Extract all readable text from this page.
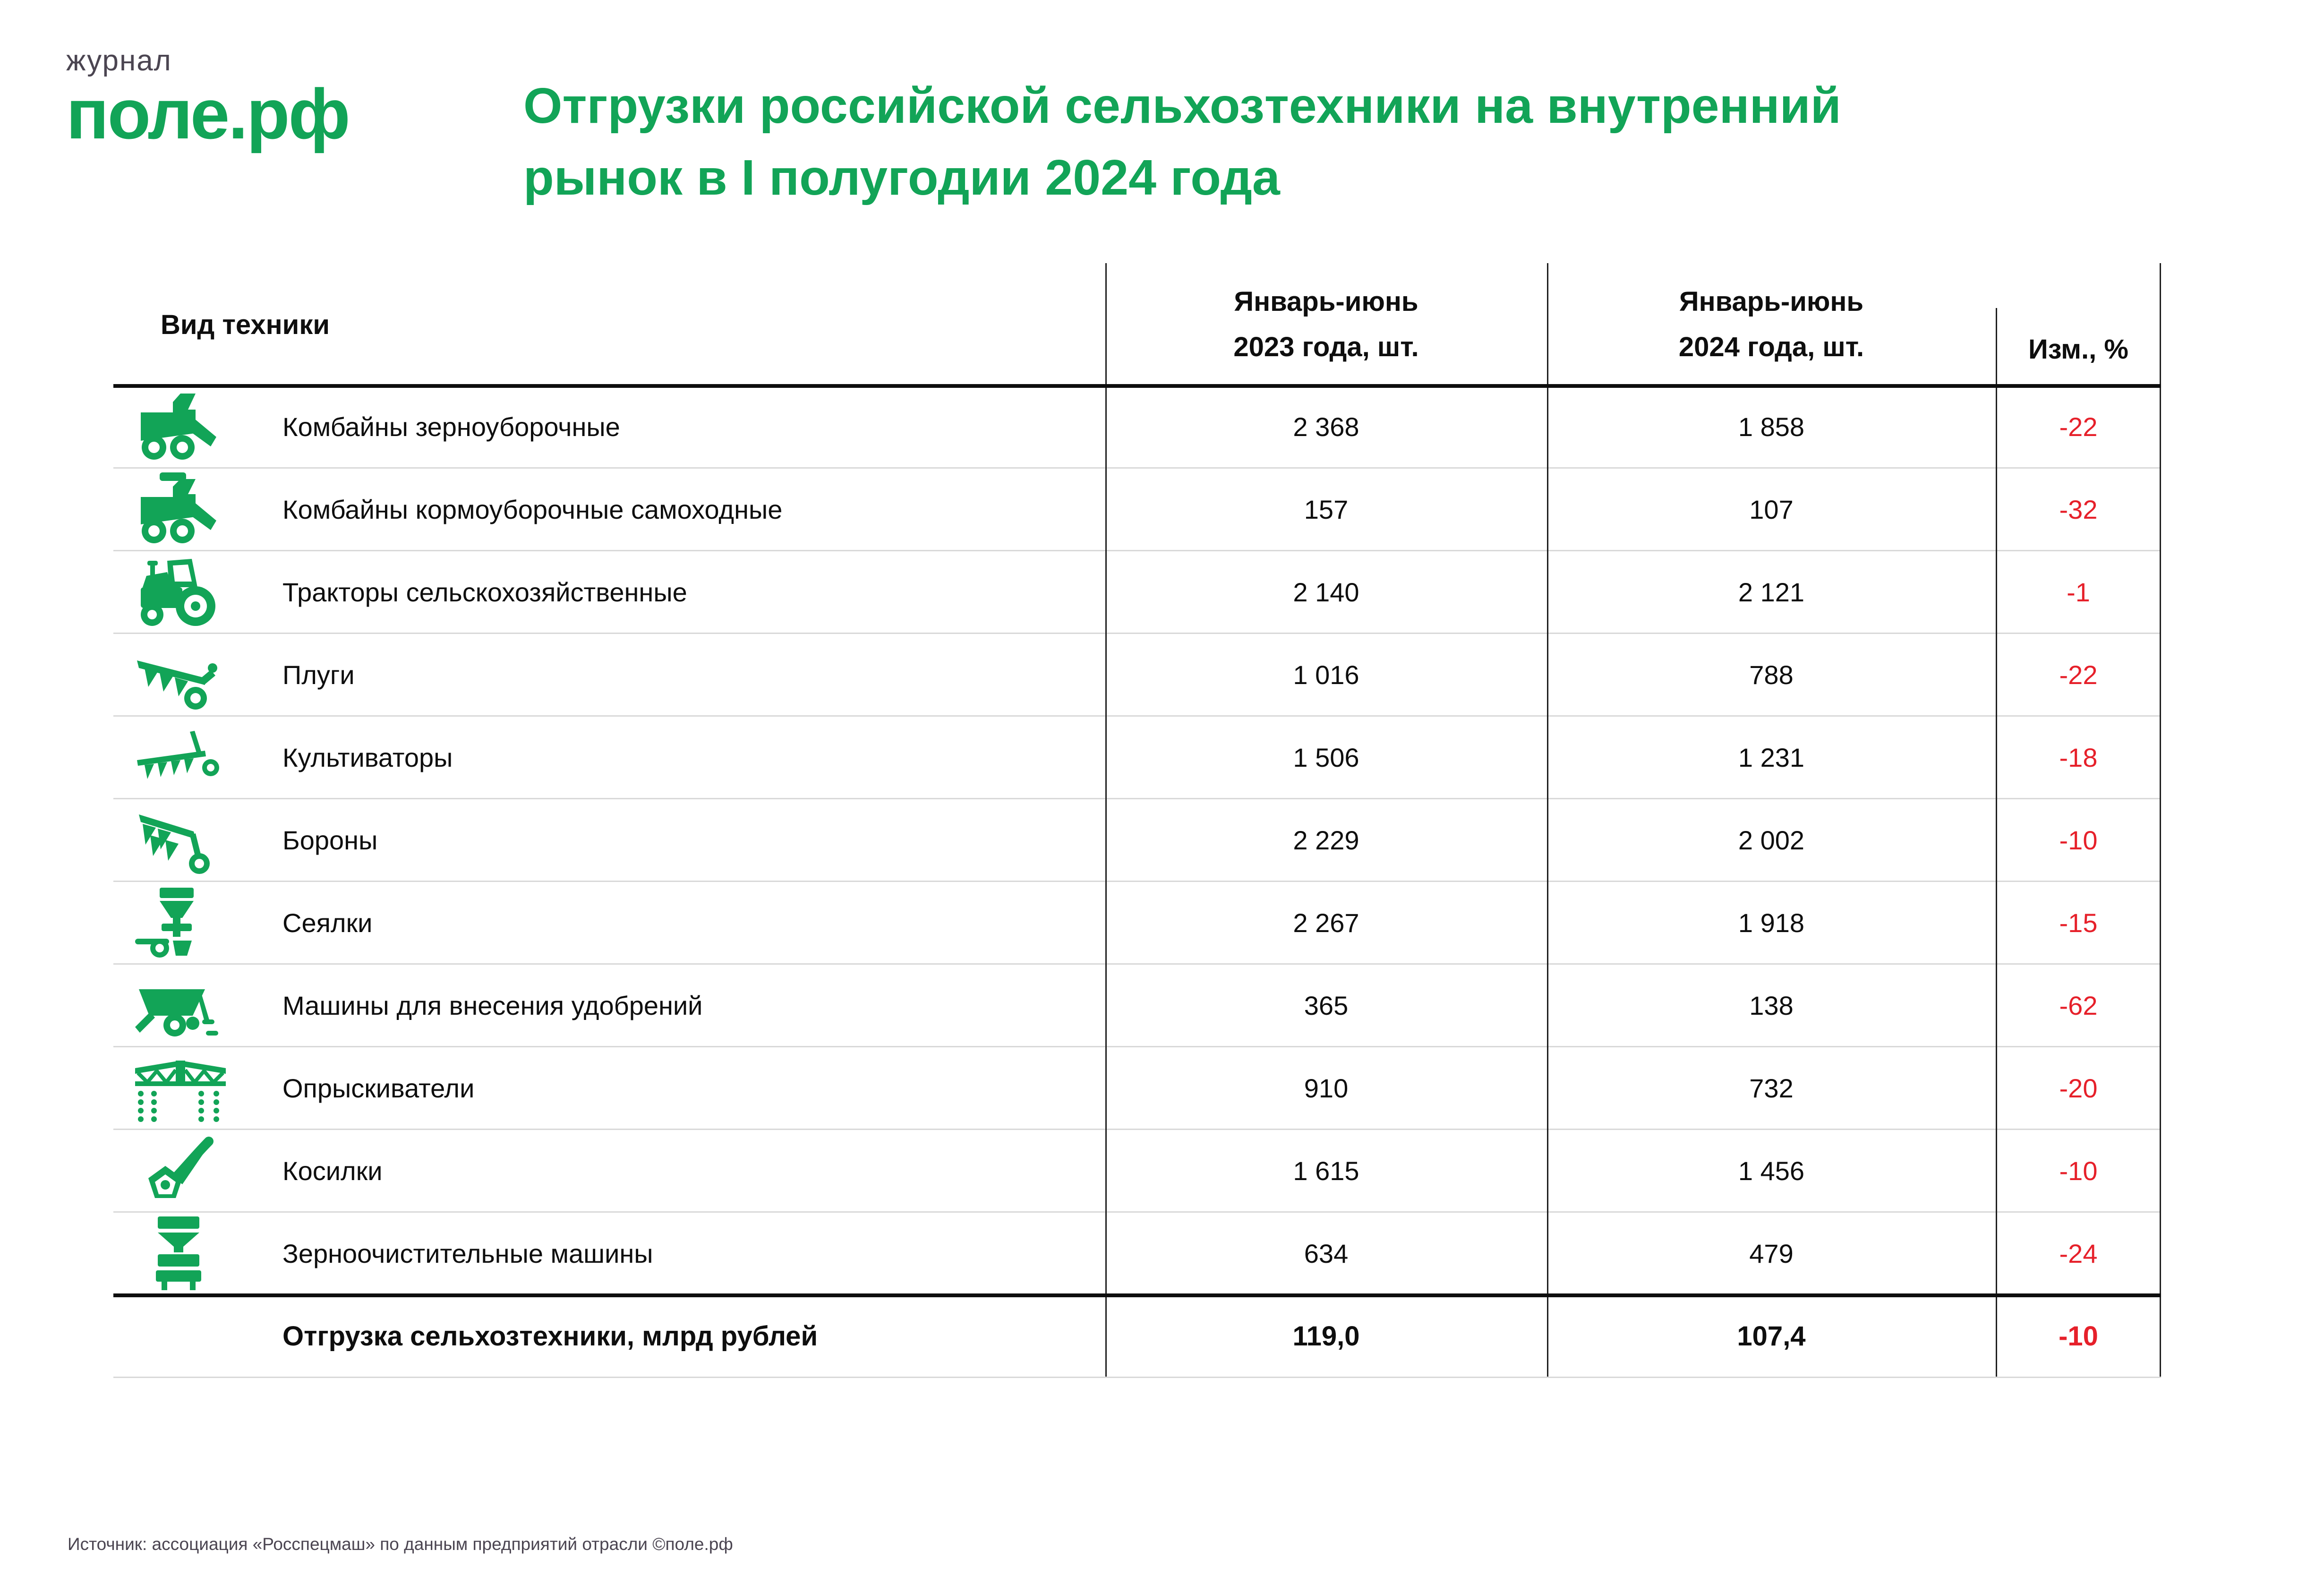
журнал
поле.рф	Отгрузки российской сельхозтехники на внутренний
рынок в I полугодии 2024 года
Вид техники
Январь-июнь
2023 года, шт.
Январь-июнь
2024 года, шт.	Изм., %
Комбайны зерноуборочные	2 368	1 858	-22
Комбайны кормоуборочные самоходные	157	107	-32
Тракторы сельскохозяйственные	2 140	2 121	-1
Плуги	1 016	788	-22
Культиваторы	1 506	1 231	-18
Бороны	2 229	2 002	-10
Сеялки	2 267	1 918	-15
Машины для внесения удобрений	365	138	-62
Опрыскиватели	910	732	-20
Косилки	1 615	1 456	-10
Зерноочистительные машины	634	479	-24
Отгрузка сельхозтехники, млрд рублей	119,0	107,4	-10
Источник: ассоциация «Росспецмаш» по данным предприятий отрасли ©поле.рф
